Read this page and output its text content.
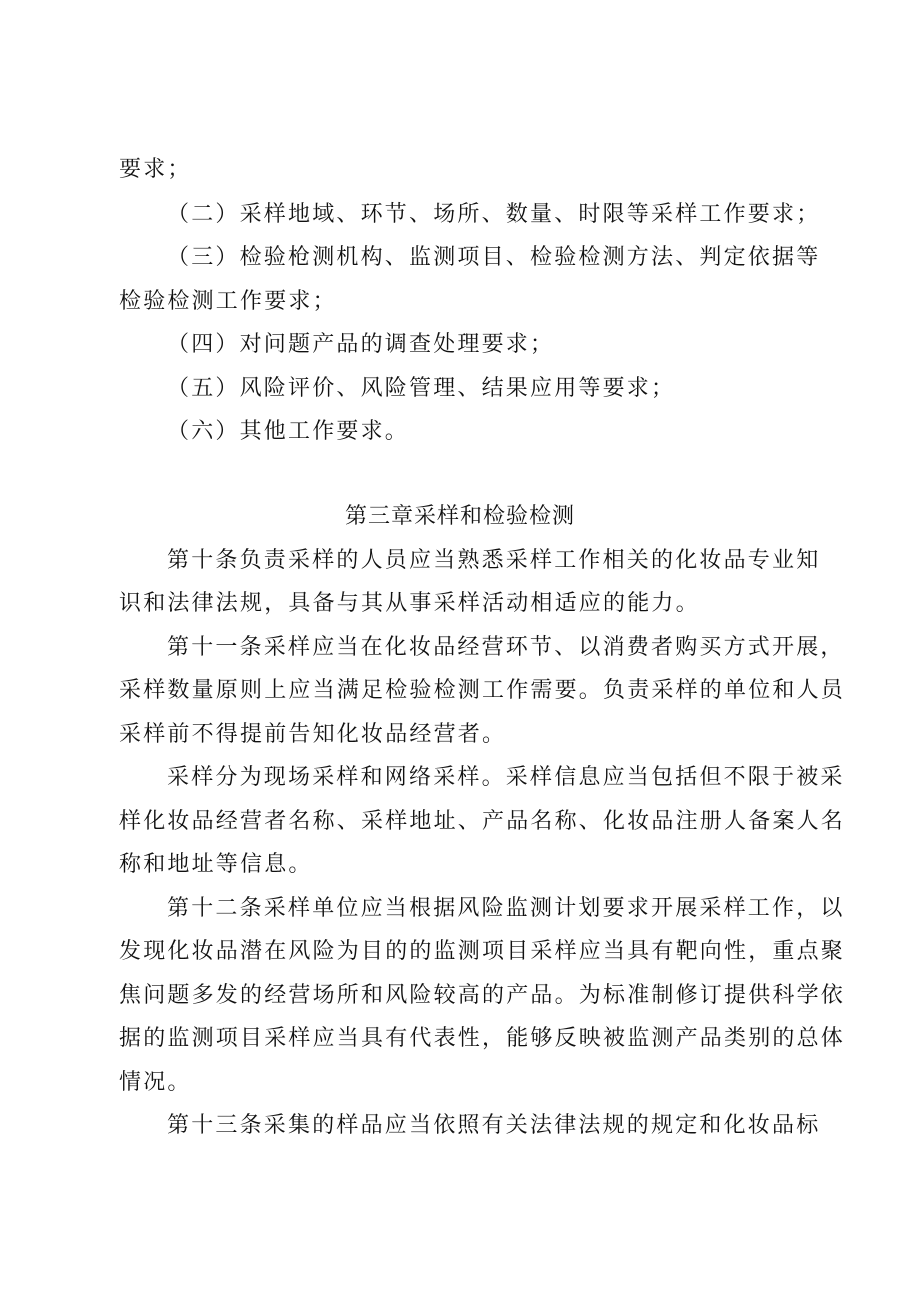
要求；
（二）采样地域、环节、场所、数量、时限等采样工作要求；
（三）检验枪测机构、监测项目、检验检测方法、判定依据等
检验检测工作要求；
（四）对问题产品的调查处理要求；
（五）风险评价、风险管理、结果应用等要求；
（六）其他工作要求。
第三章采样和检验检测
第十条负责采样的人员应当熟悉采样工作相关的化妆品专业知
识和法律法规，具备与其从事采样活动相适应的能力。
第十一条采样应当在化妆品经营环节、以消费者购买方式开展，
采样数量原则上应当满足检验检测工作需要。负责采样的单位和人员
采样前不得提前告知化妆品经营者。
采样分为现场采样和网络采样。采样信息应当包括但不限于被采
样化妆品经营者名称、采样地址、产品名称、化妆品注册人备案人名
称和地址等信息。
第十二条采样单位应当根据风险监测计划要求开展采样工作，以
发现化妆品潜在风险为目的的监测项目采样应当具有靶向性，重点聚
焦问题多发的经营场所和风险较高的产品。为标准制修订提供科学依
据的监测项目采样应当具有代表性，能够反映被监测产品类别的总体
情况。
第十三条采集的样品应当依照有关法律法规的规定和化妆品标
